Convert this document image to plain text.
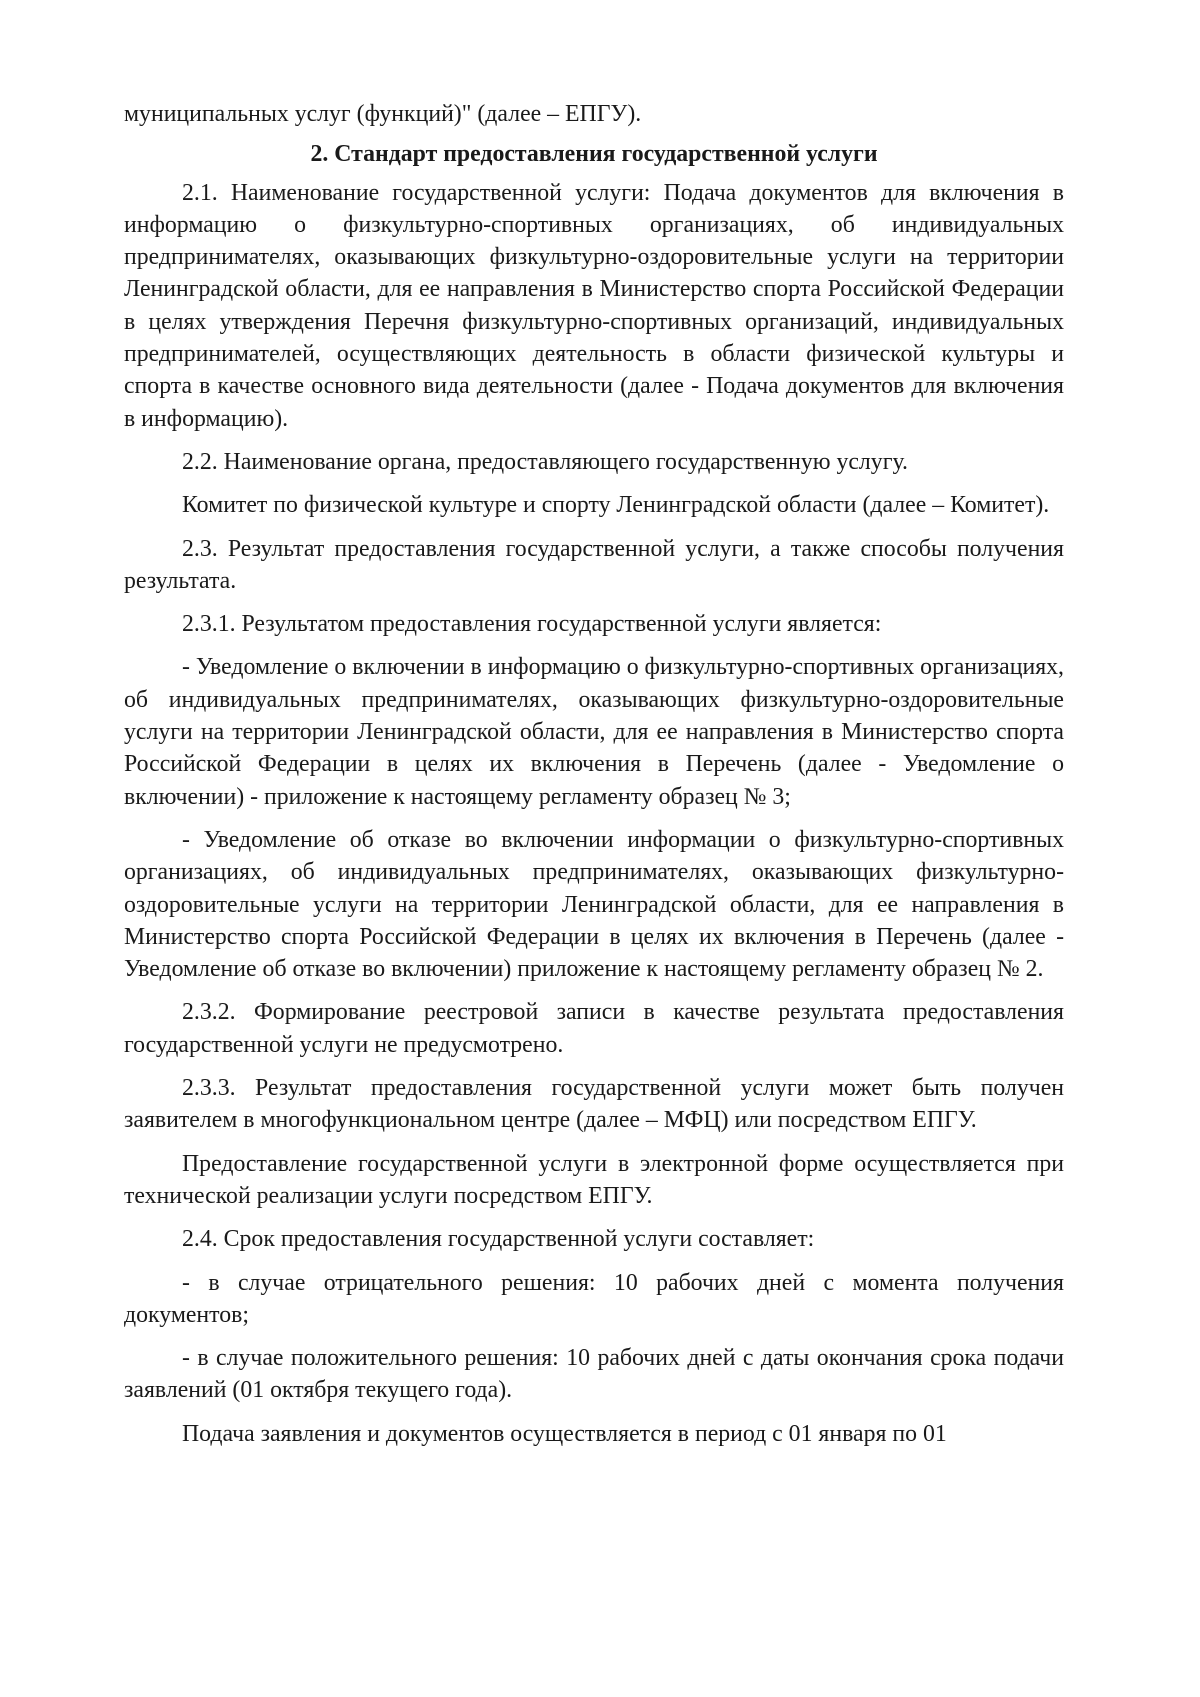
муниципальных услуг (функций)" (далее – ЕПГУ).

2. Стандарт предоставления государственной услуги

2.1. Наименование государственной услуги: Подача документов для включения в информацию о физкультурно-спортивных организациях, об индивидуальных предпринимателях, оказывающих физкультурно-оздоровительные услуги на территории Ленинградской области, для ее направления в Министерство спорта Российской Федерации в целях утверждения Перечня физкультурно-спортивных организаций, индивидуальных предпринимателей, осуществляющих деятельность в области физической культуры и спорта в качестве основного вида деятельности (далее - Подача документов для включения в информацию).

2.2. Наименование органа, предоставляющего государственную услугу.

Комитет по физической культуре и спорту Ленинградской области (далее – Комитет).

2.3. Результат предоставления государственной услуги, а также способы получения результата.

2.3.1. Результатом предоставления государственной услуги является:

- Уведомление о включении в информацию о физкультурно-спортивных организациях, об индивидуальных предпринимателях, оказывающих физкультурно-оздоровительные услуги на территории Ленинградской области, для ее направления в Министерство спорта Российской Федерации в целях их включения в Перечень (далее - Уведомление о включении) - приложение к настоящему регламенту образец № 3;

- Уведомление об отказе во включении информации о физкультурно-спортивных организациях, об индивидуальных предпринимателях, оказывающих физкультурно-оздоровительные услуги на территории Ленинградской области, для ее направления в Министерство спорта Российской Федерации в целях их включения в Перечень (далее - Уведомление об отказе во включении) приложение к настоящему регламенту образец № 2.

2.3.2. Формирование реестровой записи в качестве результата предоставления государственной услуги не предусмотрено.

2.3.3. Результат предоставления государственной услуги может быть получен заявителем в многофункциональном центре (далее – МФЦ) или посредством ЕПГУ.

Предоставление государственной услуги в электронной форме осуществляется при технической реализации услуги посредством ЕПГУ.

2.4. Срок предоставления государственной услуги составляет:

- в случае отрицательного решения: 10 рабочих дней с момента получения документов;

- в случае положительного решения: 10 рабочих дней с даты окончания срока подачи заявлений (01 октября текущего года).

Подача заявления и документов осуществляется в период с 01 января по 01
